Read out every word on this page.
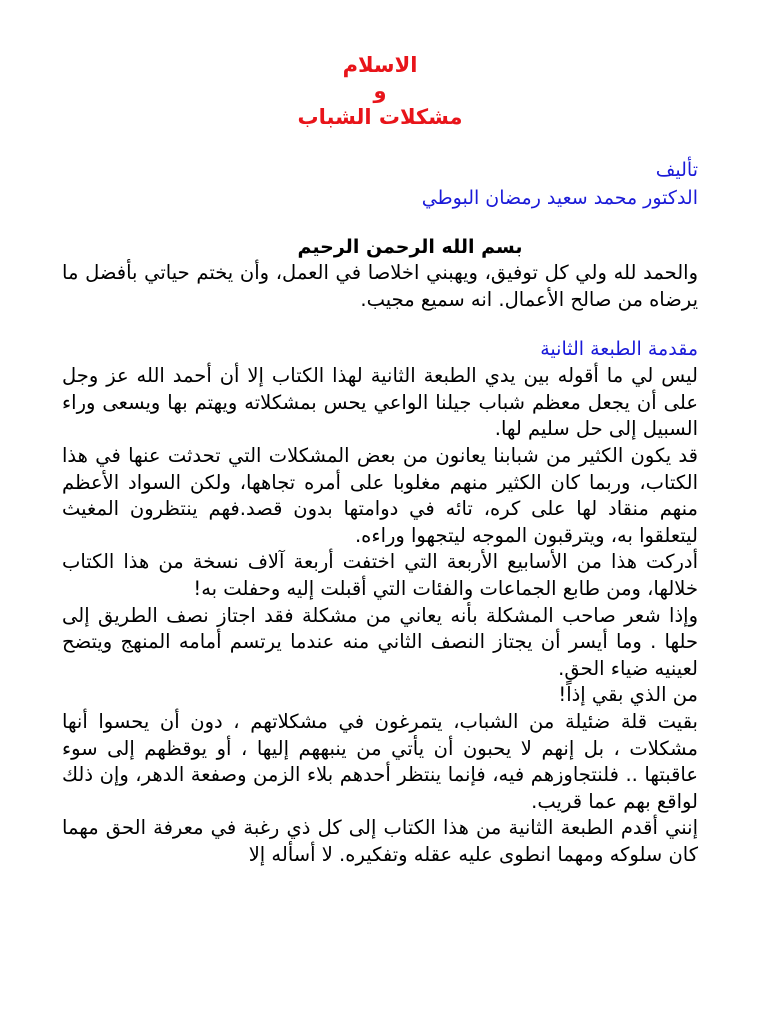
الاسلام
و
مشكلات الشباب
تأليف
الدكتور محمد سعيد رمضان البوطي
بسم الله الرحمن الرحيم
والحمد لله ولي كل توفيق، ويهبني اخلاصا في العمل، وأن يختم حياتي بأفضل ما يرضاه من صالح الأعمال. انه سميع مجيب.
مقدمة الطبعة الثانية
ليس لي ما أقوله بين يدي الطبعة الثانية لهذا الكتاب إلا أن أحمد الله عز وجل على أن يجعل معظم شباب جيلنا الواعي يحس بمشكلاته ويهتم بها ويسعى وراء السبيل إلى حل سليم لها.
قد يكون الكثير من شبابنا يعانون من بعض المشكلات التي تحدثت عنها في هذا الكتاب، وربما كان الكثير منهم مغلوبا على أمره تجاهها، ولكن السواد الأعظم منهم منقاد لها على كره، تائه في دوامتها بدون قصد.فهم ينتظرون المغيث ليتعلقوا به، ويترقبون الموجه ليتجهوا وراءه.
أدركت هذا من الأسابيع الأربعة التي اختفت أربعة آلاف نسخة من هذا الكتاب خلالها، ومن طابع الجماعات والفئات التي أقبلت إليه وحفلت به!
وإذا شعر صاحب المشكلة بأنه يعاني من مشكلة فقد اجتاز نصف الطريق إلى حلها . وما أيسر أن يجتاز النصف الثاني منه عندما يرتسم أمامه المنهج ويتضح لعينيه ضياء الحق.
من الذي بقي إذاً!
بقيت قلة ضئيلة من الشباب، يتمرغون في مشكلاتهم ، دون أن يحسوا أنها مشكلات ، بل إنهم لا يحبون أن يأتي من ينبههم إليها ، أو يوقظهم إلى سوء عاقبتها .. فلنتجاوزهم فيه، فإنما ينتظر أحدهم بلاء الزمن وصفعة الدهر، وإن ذلك لواقع بهم عما قريب.
إنني أقدم الطبعة الثانية من هذا الكتاب إلى كل ذي رغبة في معرفة الحق مهما كان سلوكه ومهما انطوى عليه عقله وتفكيره. لا أسأله إلا
